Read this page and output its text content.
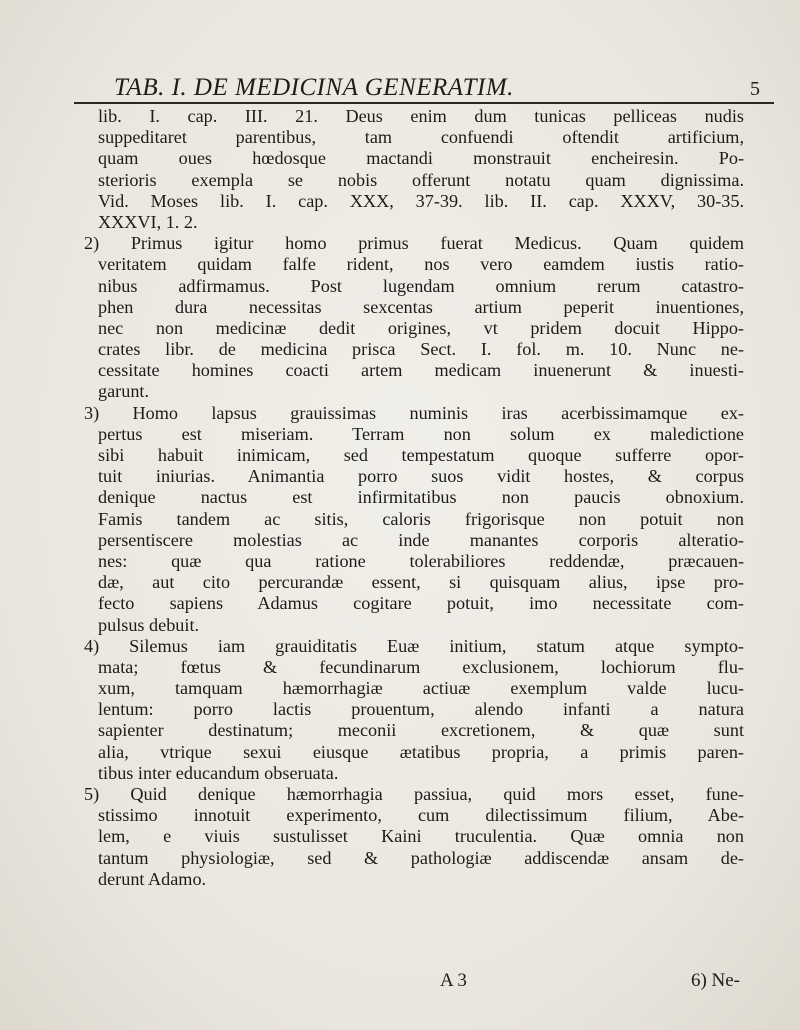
TAB. I. DE MEDICINA GENERATIM.	5
lib. I. cap. III. 21. Deus enim dum tunicas pelliceas nudis
suppeditaret parentibus, tam confuendi oftendit artificium,
quam oues hœdosque mactandi monstrauit encheiresin. Po-
sterioris exempla se nobis offerunt notatu quam dignissima.
Vid. Moses lib. I. cap. XXX, 37-39. lib. II. cap. XXXV, 30-35.
XXXVI, 1. 2.
2) Primus igitur homo primus fuerat Medicus. Quam quidem
veritatem quidam falfe rident, nos vero eamdem iustis ratio-
nibus adfirmamus. Post lugendam omnium rerum catastro-
phen dura necessitas sexcentas artium peperit inuentiones,
nec non medicinæ dedit origines, vt pridem docuit Hippo-
crates libr. de medicina prisca Sect. I. fol. m. 10. Nunc ne-
cessitate homines coacti artem medicam inuenerunt & inuesti-
garunt.
3) Homo lapsus grauissimas numinis iras acerbissimamque ex-
pertus est miseriam. Terram non solum ex maledictione
sibi habuit inimicam, sed tempestatum quoque sufferre opor-
tuit iniurias. Animantia porro suos vidit hostes, & corpus
denique nactus est infirmitatibus non paucis obnoxium.
Famis tandem ac sitis, caloris frigorisque non potuit non
persentiscere molestias ac inde manantes corporis alteratio-
nes: quæ qua ratione tolerabiliores reddendæ, præcauen-
dæ, aut cito percurandæ essent, si quisquam alius, ipse pro-
fecto sapiens Adamus cogitare potuit, imo necessitate com-
pulsus debuit.
4) Silemus iam grauiditatis Euæ initium, statum atque sympto-
mata; fœtus & fecundinarum exclusionem, lochiorum flu-
xum, tamquam hæmorrhagiæ actiuæ exemplum valde lucu-
lentum: porro lactis prouentum, alendo infanti a natura
sapienter destinatum; meconii excretionem, & quæ sunt
alia, vtrique sexui eiusque ætatibus propria, a primis paren-
tibus inter educandum obseruata.
5) Quid denique hæmorrhagia passiua, quid mors esset, fune-
stissimo innotuit experimento, cum dilectissimum filium, Abe-
lem, e viuis sustulisset Kaini truculentia. Quæ omnia non
tantum physiologiæ, sed & pathologiæ addiscendæ ansam de-
derunt Adamo.
A 3	6) Ne-
